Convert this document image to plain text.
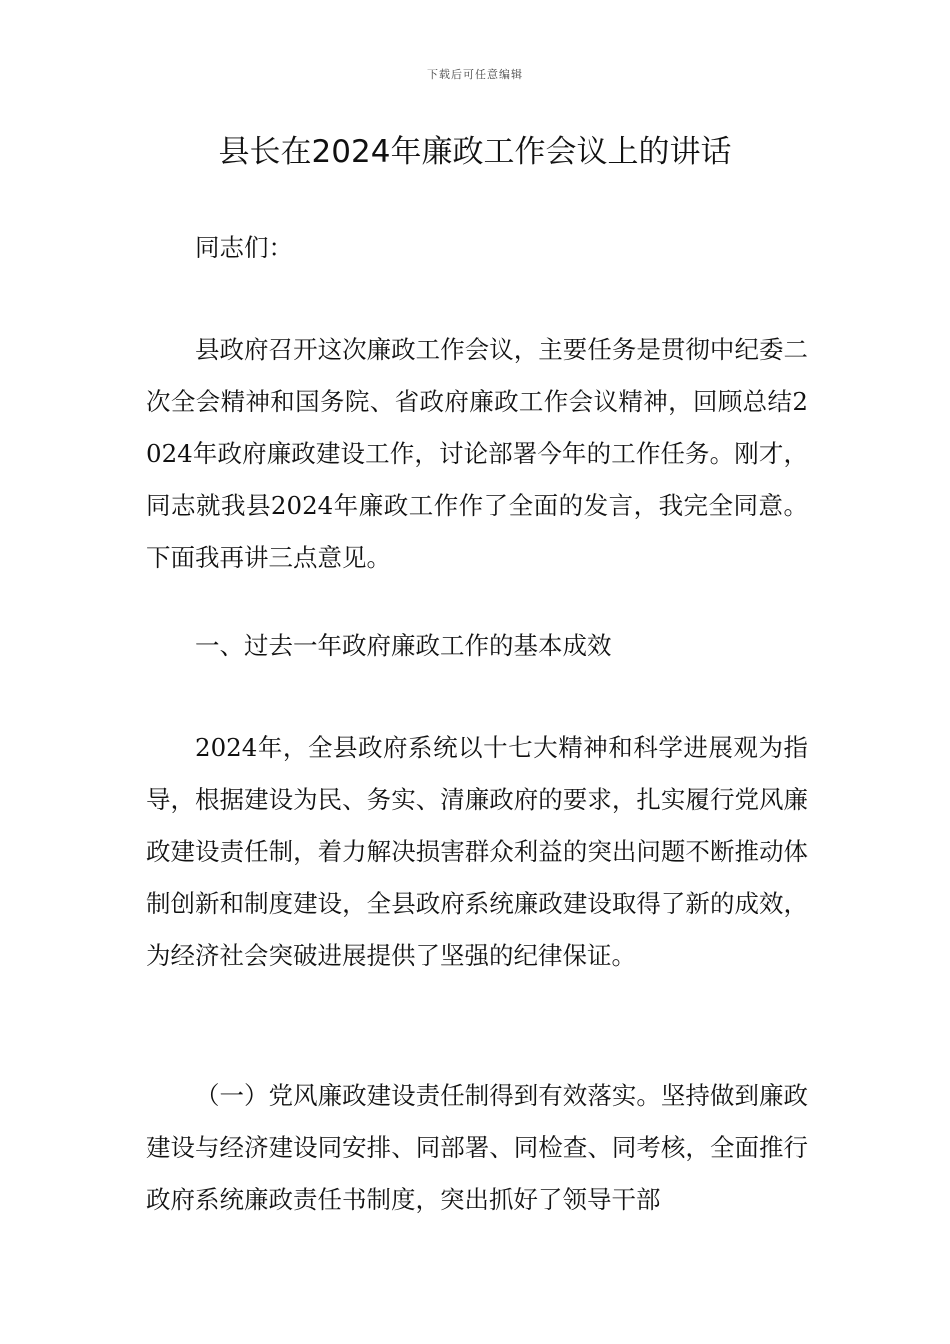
下载后可任意编辑
县长在2024年廉政工作会议上的讲话

同志们：

县政府召开这次廉政工作会议，主要任务是贯彻中纪委二次全会精神和国务院、省政府廉政工作会议精神，回顾总结2024年政府廉政建设工作，讨论部署今年的工作任务。刚才，同志就我县2024年廉政工作作了全面的发言，我完全同意。下面我再讲三点意见。

一、过去一年政府廉政工作的基本成效

2024年，全县政府系统以十七大精神和科学进展观为指导，根据建设为民、务实、清廉政府的要求，扎实履行党风廉政建设责任制，着力解决损害群众利益的突出问题不断推动体制创新和制度建设，全县政府系统廉政建设取得了新的成效，为经济社会突破进展提供了坚强的纪律保证。

（一）党风廉政建设责任制得到有效落实。坚持做到廉政建设与经济建设同安排、同部署、同检查、同考核，全面推行政府系统廉政责任书制度，突出抓好了领导干部
